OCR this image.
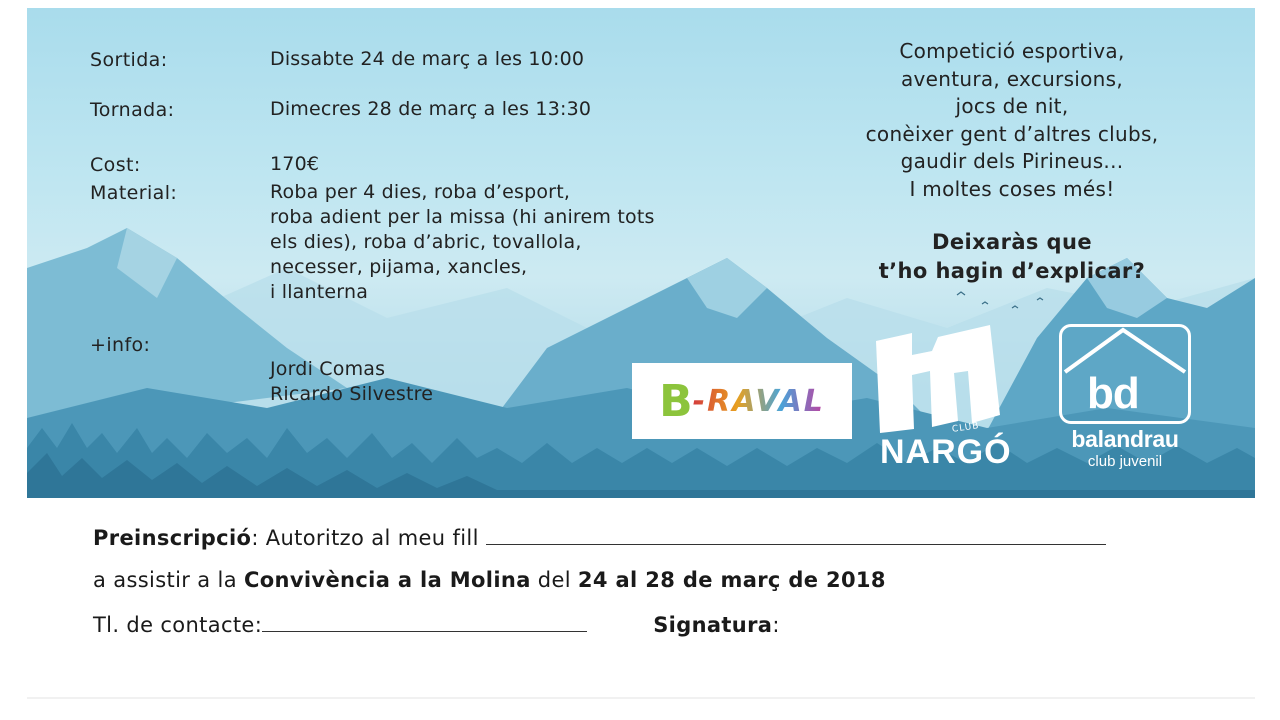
Sortida:	Dissabte 24 de març a les 10:00
Tornada:	Dimecres 28 de març a les 13:30
Cost:	170€
Material:	Roba per 4 dies, roba d’esport,
roba adient per la missa (hi anirem tots
els dies), roba d’abric, tovallola,
necesser, pijama, xancles,
i llanterna
+info:
Jordi Comas
Ricardo Silvestre
Competició esportiva,
aventura, excursions,
jocs de nit,
conèixer gent d’altres clubs,
gaudir dels Pirineus...
I moltes coses més!
Deixaràs que
t’ho hagin d’explicar?
B -RAVAL
CLUB
NARGÓ
bd
balandrau
club juvenil
Preinscripció: Autoritzo al meu fill
a assistir a la Convivència a la Molina del 24 al 28 de març de 2018
Tl. de contacte:	Signatura:
